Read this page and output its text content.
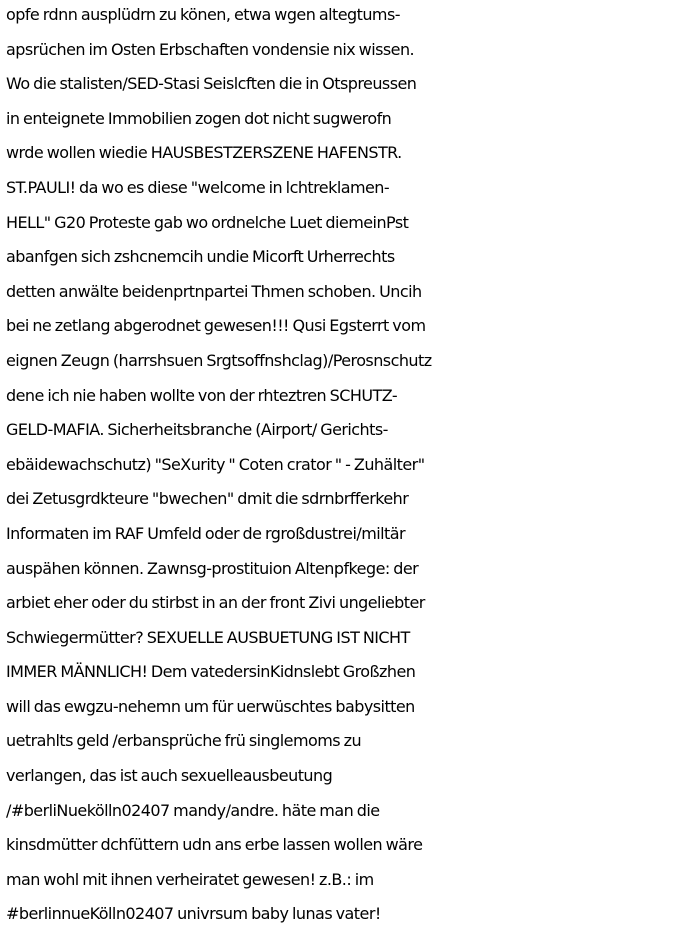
opfe rdnn ausplüdrn zu könen, etwa wgen altegtums-
apsrüchen im Osten Erbschaften vondensie nix wissen.
Wo die stalisten/SED-Stasi Seislcften die in Otspreussen
in enteignete Immobilien zogen dot nicht sugwerofn
wrde wollen wiedie HAUSBESTZERSZENE HAFENSTR.
ST.PAULI! da wo es diese "welcome in lchtreklamen-
HELL" G20 Proteste gab wo ordnelche Luet diemeinPst
abanfgen sich zshcnemcih undie Micorft Urherrechts
detten anwälte beidenprtnpartei Thmen schoben. Uncih
bei ne zetlang abgerodnet gewesen!!! Qusi Egsterrt vom
eignen Zeugn (harrshsuen Srgtsoffnshclag)/Perosnschutz
dene ich nie haben wollte von der rhteztren SCHUTZ-
GELD-MAFIA. Sicherheitsbranche (Airport/ Gerichts-
ebäidewachschutz) "SeXurity " Coten crator " - Zuhälter"
dei Zetusgrdkteure "bwechen" dmit die sdrnbrfferkehr
Informaten im RAF Umfeld oder de rgroßdustrei/miltär
auspähen können. Zawnsg-prostituion Altenpfkege: der
arbiet eher oder du stirbst in an der front Zivi ungeliebter
Schwiegermütter? SEXUELLE AUSBUETUNG IST NICHT
IMMER MÄNNLICH! Dem vatedersinKidnslebt Großzhen
will das ewgzu-nehemn um für uerwüschtes babysitten
uetrahlts geld /erbansprüche frü singlemoms zu
verlangen, das ist auch sexuelleausbeutung
/#berliNuekölln02407 mandy/andre. häte man die
kinsdmütter dchfüttern udn ans erbe lassen wollen wäre
man wohl mit ihnen verheiratet gewesen! z.B.: im
#berlinnueKölln02407 univrsum baby lunas vater!
